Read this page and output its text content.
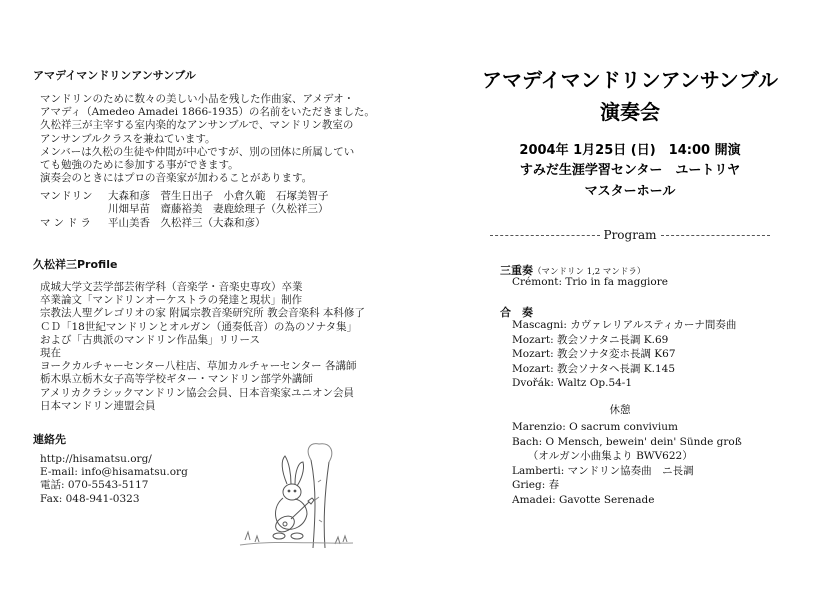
アマデイマンドリンアンサンブル
マンドリンのために数々の美しい小品を残した作曲家、アメデオ・
アマディ（Amedeo Amadei 1866-1935）の名前をいただきました。
久松祥三が主宰する室内楽的なアンサンブルで、マンドリン教室の
アンサンブルクラスを兼ねています。
メンバーは久松の生徒や仲間が中心ですが、別の団体に所属してい
ても勉強のために参加する事ができます。
演奏会のときにはプロの音楽家が加わることがあります。
マンドリン	大森和彦　菅生日出子　小倉久範　石塚美智子
川畑早苗　齋藤裕美　妻鹿絵理子（久松祥三）
マンドラ	平山美香　久松祥三（大森和彦）
久松祥三Profile
成城大学文芸学部芸術学科（音楽学・音楽史専攻）卒業
卒業論文「マンドリンオーケストラの発達と現状」制作
宗教法人聖グレゴリオの家 附属宗教音楽研究所 教会音楽科 本科修了
ＣＤ「18世紀マンドリンとオルガン（通奏低音）の為のソナタ集」
および「古典派のマンドリン作品集」リリース
現在
ヨークカルチャーセンター八柱店、草加カルチャーセンター 各講師
栃木県立栃木女子高等学校ギター・マンドリン部学外講師
アメリカクラシックマンドリン協会会員、日本音楽家ユニオン会員
日本マンドリン連盟会員
連絡先
http://hisamatsu.org/
E-mail: info@hisamatsu.org
電話: 070-5543-5117
Fax: 048-941-0323
アマデイマンドリンアンサンブル
演奏会
2004年 1月25日 (日)　14:00 開演
すみだ生涯学習センター　ユートリヤ
マスターホール
Program
三重奏（マンドリン 1,2 マンドラ）
Crémont: Trio in fa maggiore
合　奏
Mascagni: カヴァレリアルスティカーナ間奏曲
Mozart: 教会ソナタニ長調 K.69
Mozart: 教会ソナタ変ホ長調 K67
Mozart: 教会ソナタヘ長調 K.145
Dvořák: Waltz Op.54-1
休憩
Marenzio: O sacrum convivium
Bach: O Mensch, bewein' dein' Sünde groß
　　（オルガン小曲集より BWV622）
Lamberti: マンドリン協奏曲　ニ長調
Grieg: 春
Amadei: Gavotte Serenade
